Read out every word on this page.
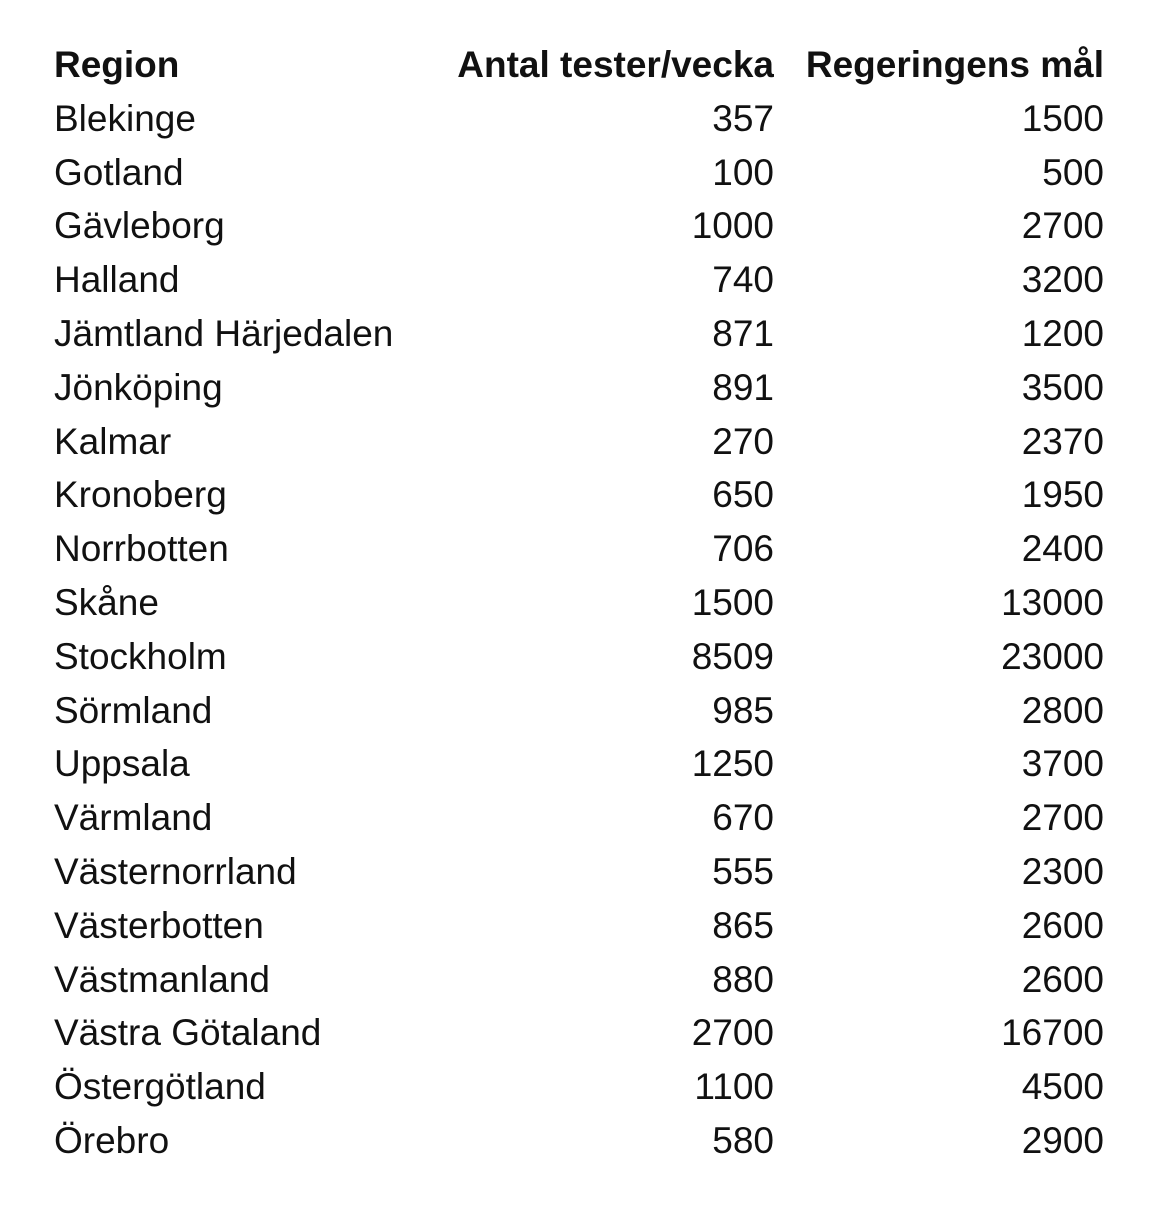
Region	Antal tester/vecka	Regeringens mål
Blekinge	357	1500
Gotland	100	500
Gävleborg	1000	2700
Halland	740	3200
Jämtland Härjedalen	871	1200
Jönköping	891	3500
Kalmar	270	2370
Kronoberg	650	1950
Norrbotten	706	2400
Skåne	1500	13000
Stockholm	8509	23000
Sörmland	985	2800
Uppsala	1250	3700
Värmland	670	2700
Västernorrland	555	2300
Västerbotten	865	2600
Västmanland	880	2600
Västra Götaland	2700	16700
Östergötland	1100	4500
Örebro	580	2900
